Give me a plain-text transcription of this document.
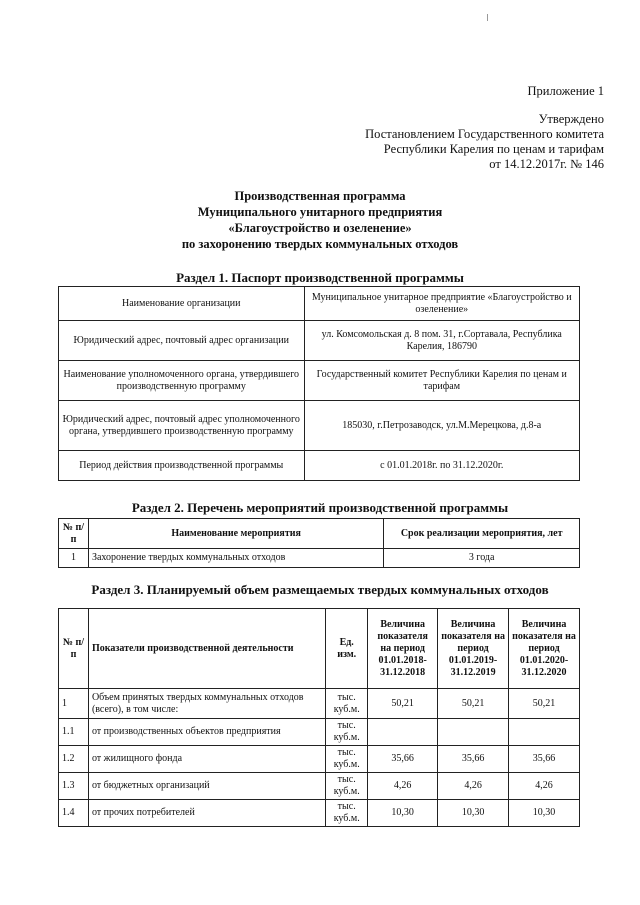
Приложение 1
Утверждено
Постановлением Государственного комитета
Республики Карелия по ценам и тарифам
от 14.12.2017г. № 146
Производственная программа
Муниципального унитарного предприятия
«Благоустройство и озеленение»
по захоронению твердых коммунальных отходов
Раздел 1. Паспорт производственной программы
Наименование организации	Муниципальное унитарное предприятие «Благоустройство и озеленение»
Юридический адрес, почтовый адрес организации	ул. Комсомольская д. 8 пом. 31, г.Сортавала, Республика Карелия, 186790
Наименование уполномоченного органа, утвердившего производственную программу	Государственный комитет Республики Карелия по ценам и тарифам
Юридический адрес, почтовый адрес уполномоченного органа, утвердившего производственную программу	185030, г.Петрозаводск, ул.М.Мерецкова, д.8-а
Период действия производственной программы	с 01.01.2018г. по 31.12.2020г.
Раздел 2. Перечень мероприятий производственной программы
№ п/п	Наименование мероприятия	Срок реализации мероприятия, лет
1	Захоронение твердых коммунальных отходов	3 года
Раздел 3. Планируемый объем размещаемых твердых коммунальных отходов
№ п/п	Показатели производственной деятельности	Ед. изм.	Величина показателя на период 01.01.2018-31.12.2018	Величина показателя на период 01.01.2019-31.12.2019	Величина показателя на период 01.01.2020-31.12.2020
1	Объем принятых твердых коммунальных отходов (всего), в том числе:	тыс. куб.м.	50,21	50,21	50,21
1.1	от производственных объектов предприятия	тыс. куб.м.			
1.2	от жилищного фонда	тыс. куб.м.	35,66	35,66	35,66
1.3	от бюджетных организаций	тыс. куб.м.	4,26	4,26	4,26
1.4	от прочих потребителей	тыс. куб.м.	10,30	10,30	10,30
